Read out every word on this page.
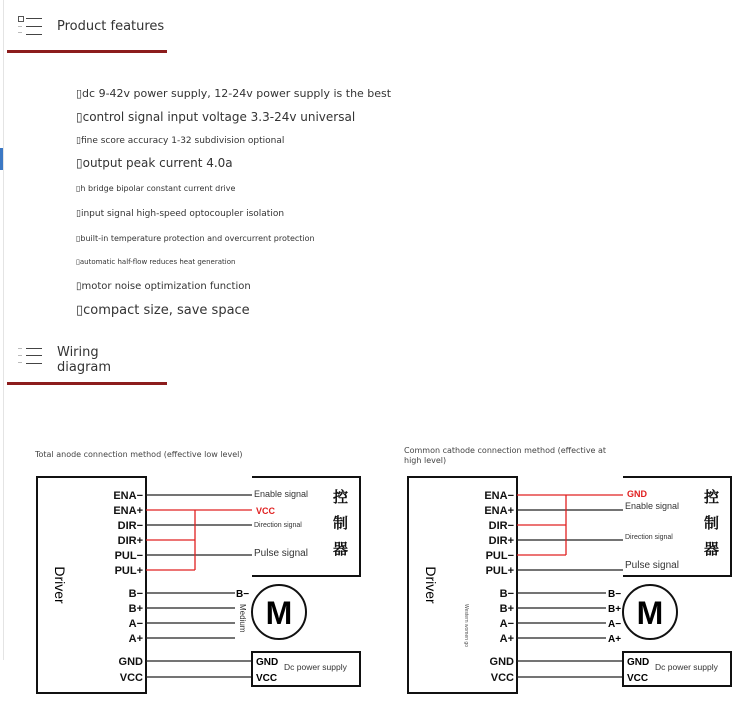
Product features
▯dc 9-42v power supply, 12-24v power supply is the best
▯control signal input voltage 3.3-24v universal
▯fine score accuracy 1-32 subdivision optional
▯output peak current 4.0a
▯h bridge bipolar constant current drive
▯input signal high-speed optocoupler isolation
▯built-in temperature protection and overcurrent protection
▯automatic half-flow reduces heat generation
▯motor noise optimization function
▯compact size, save space
Wiring
diagram
Total anode connection method (effective low level)	Common cathode connection method (effective at high level)
Driver
ENA−
ENA+
DIR−
DIR+
PUL−
PUL+
B−
B+
A−
A+
GND
VCC
VCC
Enable signal
Direction signal
Pulse signal
M
B−
Medium
GND
VCC
Dc power supply
Driver
ENA−
ENA+
DIR−
DIR+
PUL−
PUL+
B−
B+
A−
A+
GND
VCC
GND
Enable signal
Direction signal
Pulse signal
M
B−
B+
A−
A+
Western women go
GND
VCC
Dc power supply
控制器
控制器
